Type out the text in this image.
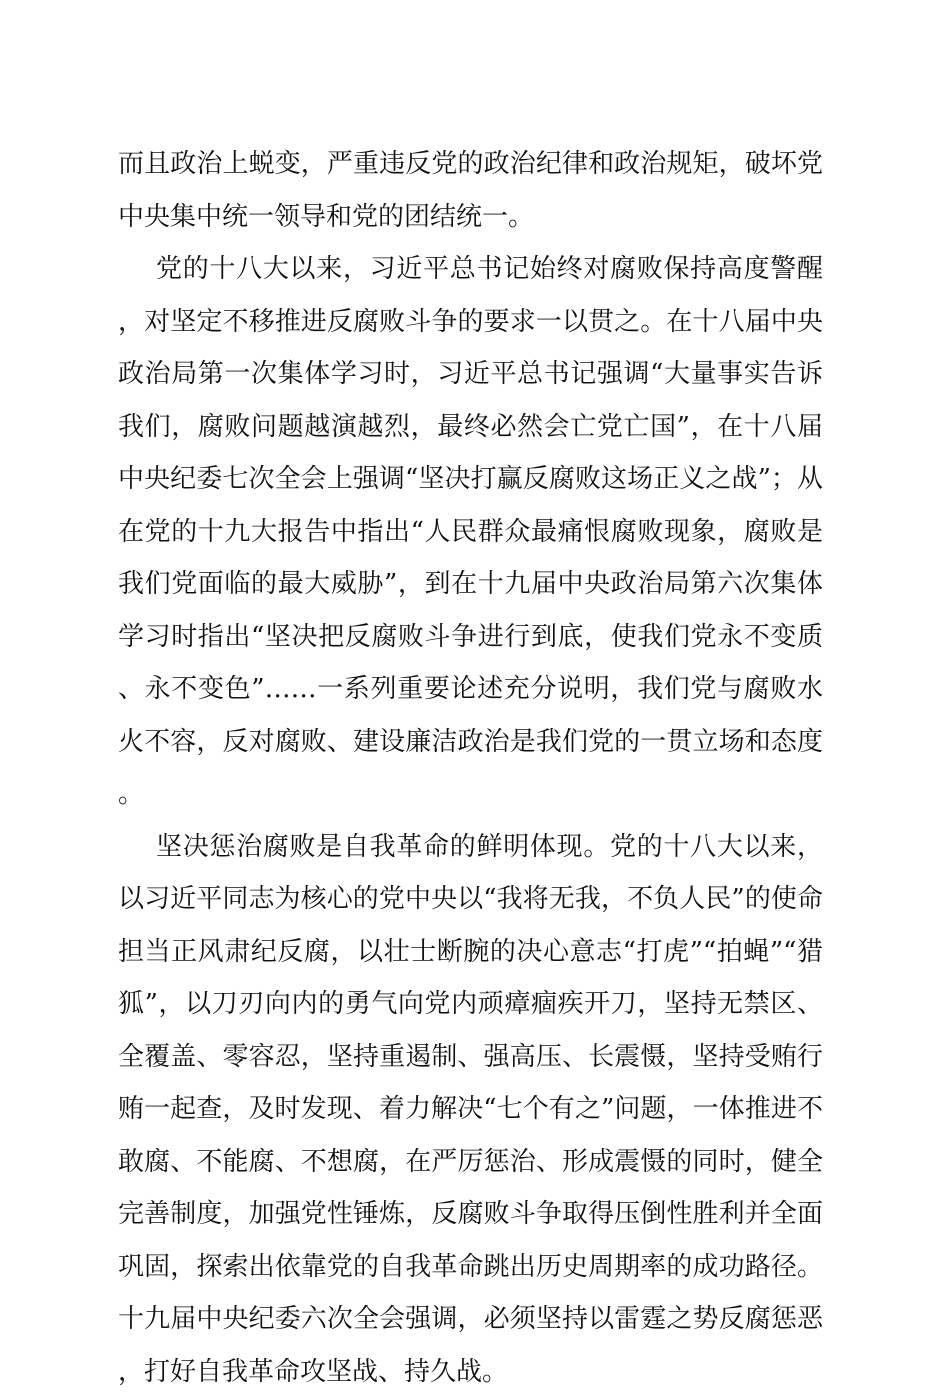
而且政治上蜕变，严重违反党的政治纪律和政治规矩，破坏党中央集中统一领导和党的团结统一。

党的十八大以来，习近平总书记始终对腐败保持高度警醒，对坚定不移推进反腐败斗争的要求一以贯之。在十八届中央政治局第一次集体学习时，习近平总书记强调“大量事实告诉我们，腐败问题越演越烈，最终必然会亡党亡国”，在十八届中央纪委七次全会上强调“坚决打赢反腐败这场正义之战”；从在党的十九大报告中指出“人民群众最痛恨腐败现象，腐败是我们党面临的最大威胁”，到在十九届中央政治局第六次集体学习时指出“坚决把反腐败斗争进行到底，使我们党永不变质、永不变色”……一系列重要论述充分说明，我们党与腐败水火不容，反对腐败、建设廉洁政治是我们党的一贯立场和态度。

坚决惩治腐败是自我革命的鲜明体现。党的十八大以来，以习近平同志为核心的党中央以“我将无我，不负人民”的使命担当正风肃纪反腐，以壮士断腕的决心意志“打虎”“拍蝇”“猎狐”，以刀刃向内的勇气向党内顽瘴痼疾开刀，坚持无禁区、全覆盖、零容忍，坚持重遏制、强高压、长震慑，坚持受贿行贿一起查，及时发现、着力解决“七个有之”问题，一体推进不敢腐、不能腐、不想腐，在严厉惩治、形成震慑的同时，健全完善制度，加强党性锤炼，反腐败斗争取得压倒性胜利并全面巩固，探索出依靠党的自我革命跳出历史周期率的成功路径。十九届中央纪委六次全会强调，必须坚持以雷霆之势反腐惩恶，打好自我革命攻坚战、持久战。
